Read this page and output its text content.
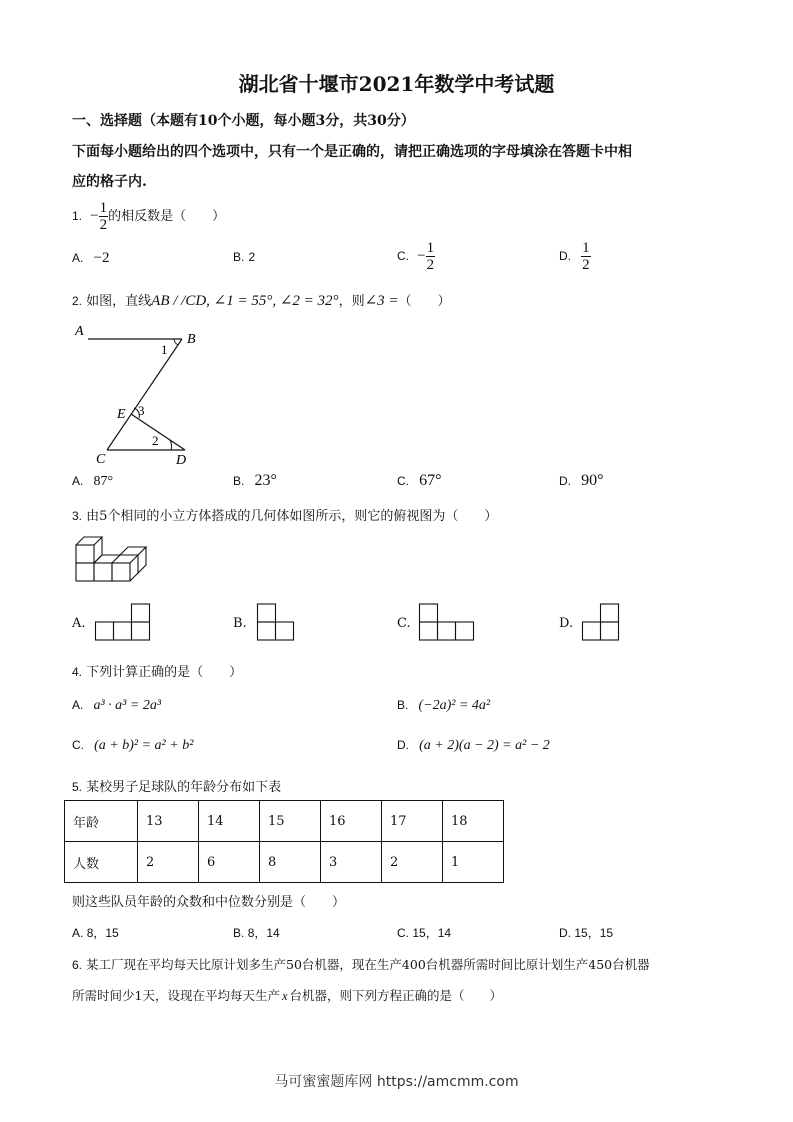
湖北省十堰市2021年数学中考试题
一、选择题（本题有10个小题，每小题3分，共30分）
下面每小题给出的四个选项中，只有一个是正确的，请把正确选项的字母填涂在答题卡中相
应的格子内.
1. − $\frac{1}{2}$ 的相反数是（　　）
A. −2	B. 2	C. − $\frac{1}{2}$	D. $\frac{1}{2}$
2. 如图，直线AB / /CD, ∠1 = 55°, ∠2 = 32°，则∠3 =（　　）
A
B
C	D
E
1
2
3
A. 87°	B. 23°	C. 67°	D. 90°
3. 由5个相同的小立方体搭成的几何体如图所示，则它的俯视图为（　　）
A.	B.	C.	D.
4. 下列计算正确的是（　　）
A. a³ · a³ = 2a³	B. (−2a)² = 4a²
C. (a + b)² = a² + b²	D. (a + 2)(a − 2) = a² − 2
5. 某校男子足球队的年龄分布如下表
年龄	13	14	15	16	17	18
人数	2	6	8	3	2	1
则这些队员年龄的众数和中位数分别是（　　）
A. 8，15	B. 8，14	C. 15，14	D. 15，15
6. 某工厂现在平均每天比原计划多生产50台机器，现在生产400台机器所需时间比原计划生产450台机器
所需时间少1天，设现在平均每天生产 x 台机器，则下列方程正确的是（　　）
马可蜜蜜题库网 https://amcmm.com
